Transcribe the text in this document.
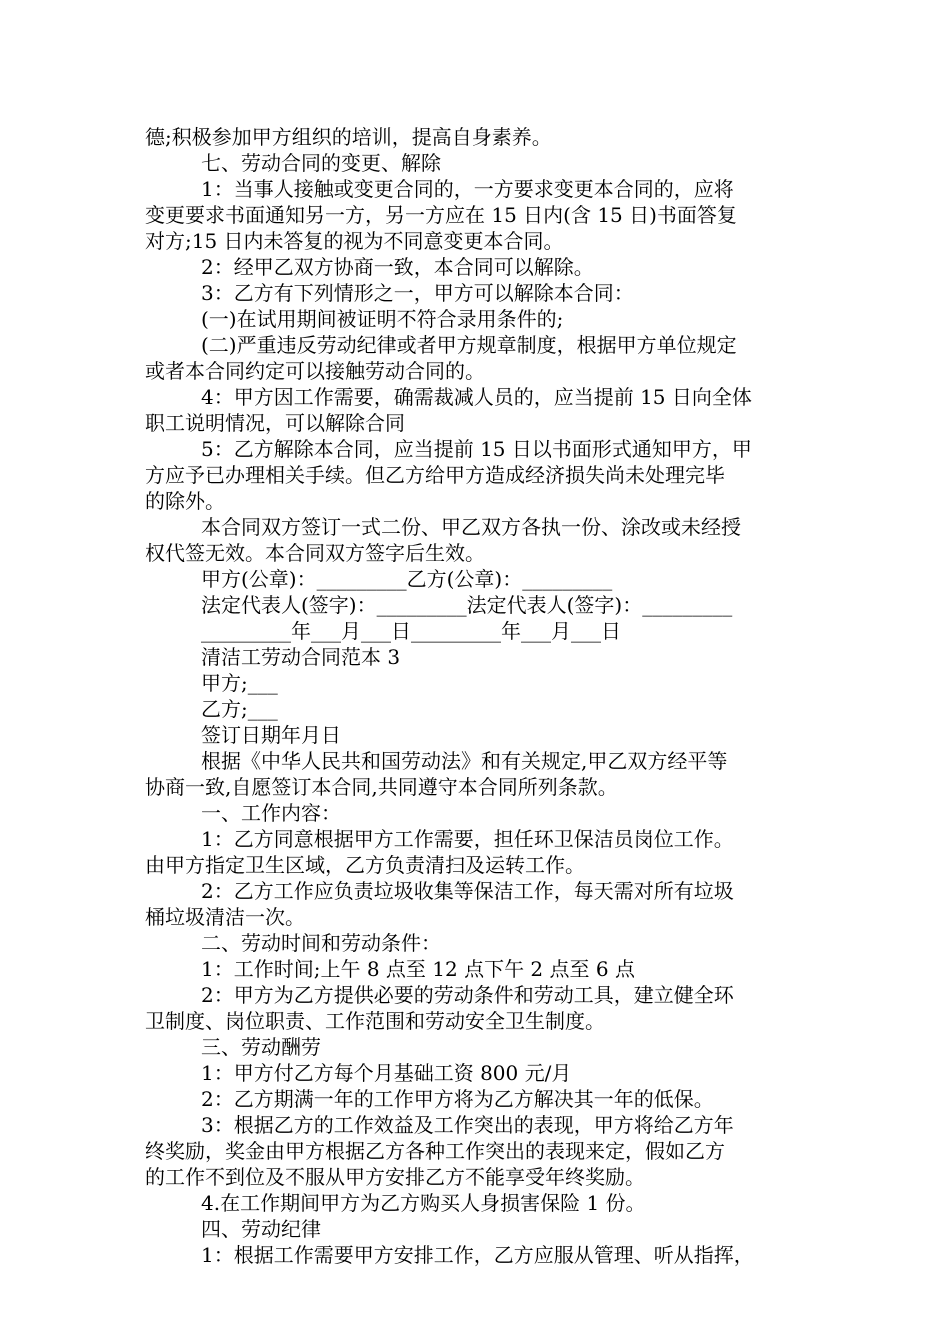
德;积极参加甲方组织的培训，提高自身素养。
七、劳动合同的变更、解除
1：当事人接触或变更合同的，一方要求变更本合同的，应将
变更要求书面通知另一方，另一方应在 15 日内(含 15 日)书面答复
对方;15 日内未答复的视为不同意变更本合同。
2：经甲乙双方协商一致，本合同可以解除。
3：乙方有下列情形之一，甲方可以解除本合同：
(一)在试用期间被证明不符合录用条件的;
(二)严重违反劳动纪律或者甲方规章制度，根据甲方单位规定
或者本合同约定可以接触劳动合同的。
4：甲方因工作需要，确需裁减人员的，应当提前 15 日向全体
职工说明情况，可以解除合同
5：乙方解除本合同，应当提前 15 日以书面形式通知甲方，甲
方应予已办理相关手续。但乙方给甲方造成经济损失尚未处理完毕
的除外。
本合同双方签订一式二份、甲乙双方各执一份、涂改或未经授
权代签无效。本合同双方签字后生效。
甲方(公章)：_________乙方(公章)：_________
法定代表人(签字)：_________法定代表人(签字)：_________
_________年___月___日_________年___月___日
清洁工劳动合同范本 3
甲方;___
乙方;___
签订日期年月日
根据《中华人民共和国劳动法》和有关规定,甲乙双方经平等
协商一致,自愿签订本合同,共同遵守本合同所列条款。
一、工作内容：
1：乙方同意根据甲方工作需要，担任环卫保洁员岗位工作。
由甲方指定卫生区域，乙方负责清扫及运转工作。
2：乙方工作应负责垃圾收集等保洁工作，每天需对所有垃圾
桶垃圾清洁一次。
二、劳动时间和劳动条件：
1：工作时间;上午 8 点至 12 点下午 2 点至 6 点
2：甲方为乙方提供必要的劳动条件和劳动工具，建立健全环
卫制度、岗位职责、工作范围和劳动安全卫生制度。
三、劳动酬劳
1：甲方付乙方每个月基础工资 800 元/月
2：乙方期满一年的工作甲方将为乙方解决其一年的低保。
3：根据乙方的工作效益及工作突出的表现，甲方将给乙方年
终奖励，奖金由甲方根据乙方各种工作突出的表现来定，假如乙方
的工作不到位及不服从甲方安排乙方不能享受年终奖励。
4.在工作期间甲方为乙方购买人身损害保险 1 份。
四、劳动纪律
1：根据工作需要甲方安排工作，乙方应服从管理、听从指挥，
